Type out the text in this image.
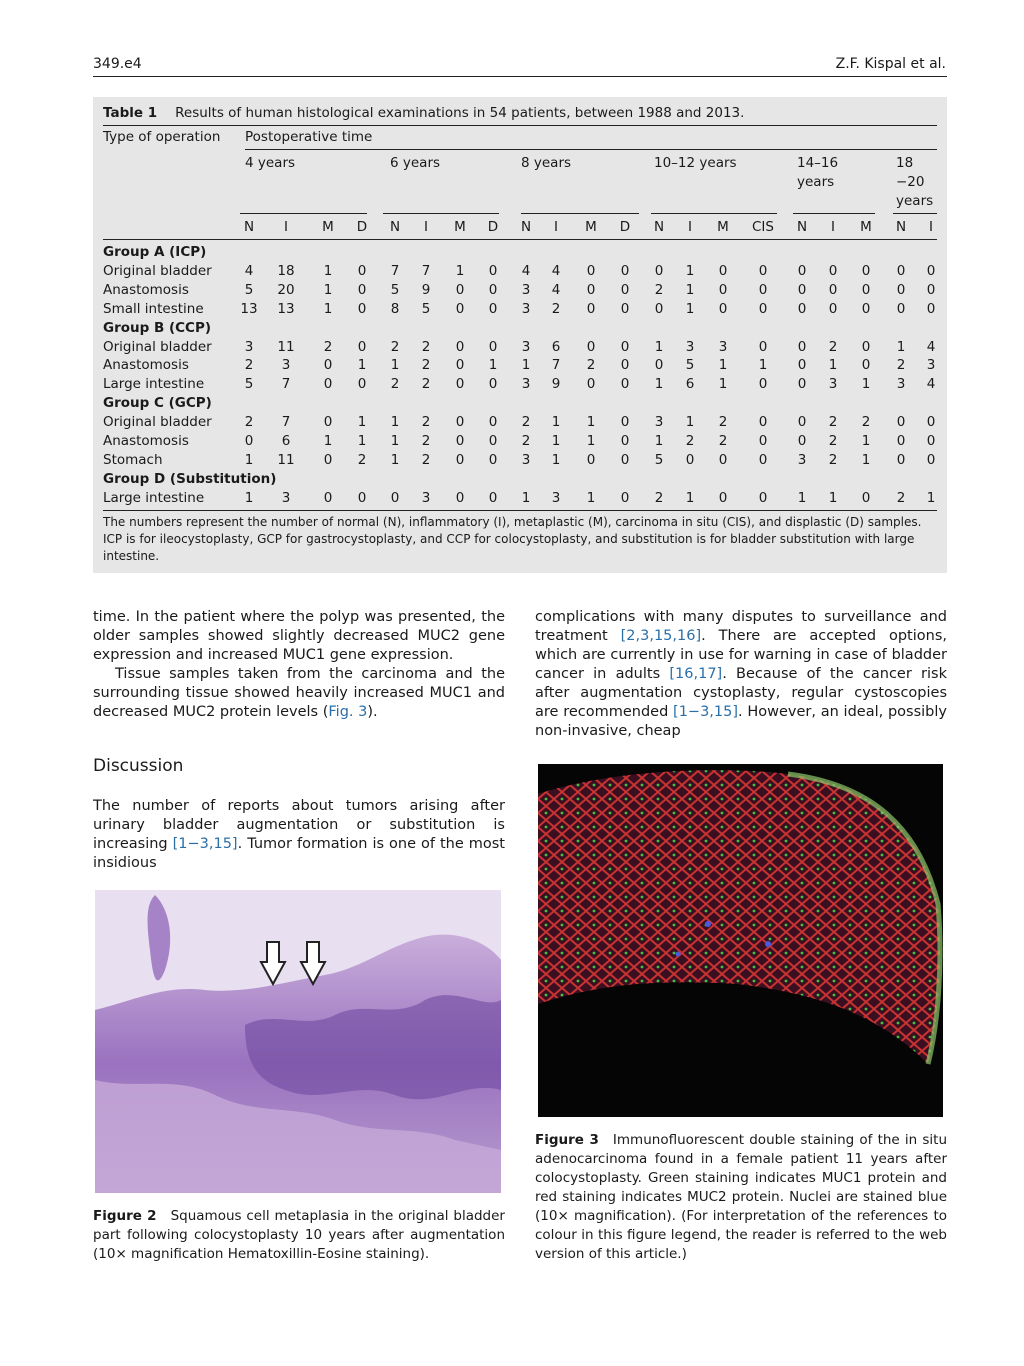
349.e4	Z.F. Kispal et al.
Table 1 Results of human histological examinations in 54 patients, between 1988 and 2013.
Type of operation Postoperative time
4 years	6 years	8 years	10–12 years	14–16
years
18
−20
years
N	I	M	D	N	I	M	D	N	I	M	D	N	I	M	CIS	N	I	M	N	I
Group A (ICP)
Original bladder	4	18	1	0	7	7	1	0	4	4	0	0	0	1	0	0	0	0	0	0	0
Anastomosis	5	20	1	0	5	9	0	0	3	4	0	0	2	1	0	0	0	0	0	0	0
Small intestine	13	13	1	0	8	5	0	0	3	2	0	0	0	1	0	0	0	0	0	0	0
Group B (CCP)
Original bladder	3	11	2	0	2	2	0	0	3	6	0	0	1	3	3	0	0	2	0	1	4
Anastomosis	2	3	0	1	1	2	0	1	1	7	2	0	0	5	1	1	0	1	0	2	3
Large intestine	5	7	0	0	2	2	0	0	3	9	0	0	1	6	1	0	0	3	1	3	4
Group C (GCP)
Original bladder	2	7	0	1	1	2	0	0	2	1	1	0	3	1	2	0	0	2	2	0	0
Anastomosis	0	6	1	1	1	2	0	0	2	1	1	0	1	2	2	0	0	2	1	0	0
Stomach	1	11	0	2	1	2	0	0	3	1	0	0	5	0	0	0	3	2	1	0	0
Group D (Substitution)
Large intestine	1	3	0	0	0	3	0	0	1	3	1	0	2	1	0	0	1	1	0	2	1
The numbers represent the number of normal (N), inflammatory (I), metaplastic (M), carcinoma in situ (CIS), and displastic (D) samples. ICP is for ileocystoplasty, GCP for gastrocystoplasty, and CCP for colocystoplasty, and substitution is for bladder substitution with large intestine.

time. In the patient where the polyp was presented, the older samples showed slightly decreased MUC2 gene expression and increased MUC1 gene expression.

Tissue samples taken from the carcinoma and the surrounding tissue showed heavily increased MUC1 and decreased MUC2 protein levels (Fig. 3).

complications with many disputes to surveillance and treatment [2,3,15,16]. There are accepted options, which are currently in use for warning in case of bladder cancer in adults [16,17]. Because of the cancer risk after augmentation cystoplasty, regular cystoscopies are recommended [1−3,15]. However, an ideal, possibly non-invasive, cheap

Discussion

The number of reports about tumors arising after urinary bladder augmentation or substitution is increasing [1−3,15]. Tumor formation is one of the most insidious

Figure 2 Squamous cell metaplasia in the original bladder part following colocystoplasty 10 years after augmentation (10× magnification Hematoxillin-Eosine staining).
Figure 3 Immunofluorescent double staining of the in situ adenocarcinoma found in a female patient 11 years after colocystoplasty. Green staining indicates MUC1 protein and red staining indicates MUC2 protein. Nuclei are stained blue (10× magnification). (For interpretation of the references to colour in this figure legend, the reader is referred to the web version of this article.)
